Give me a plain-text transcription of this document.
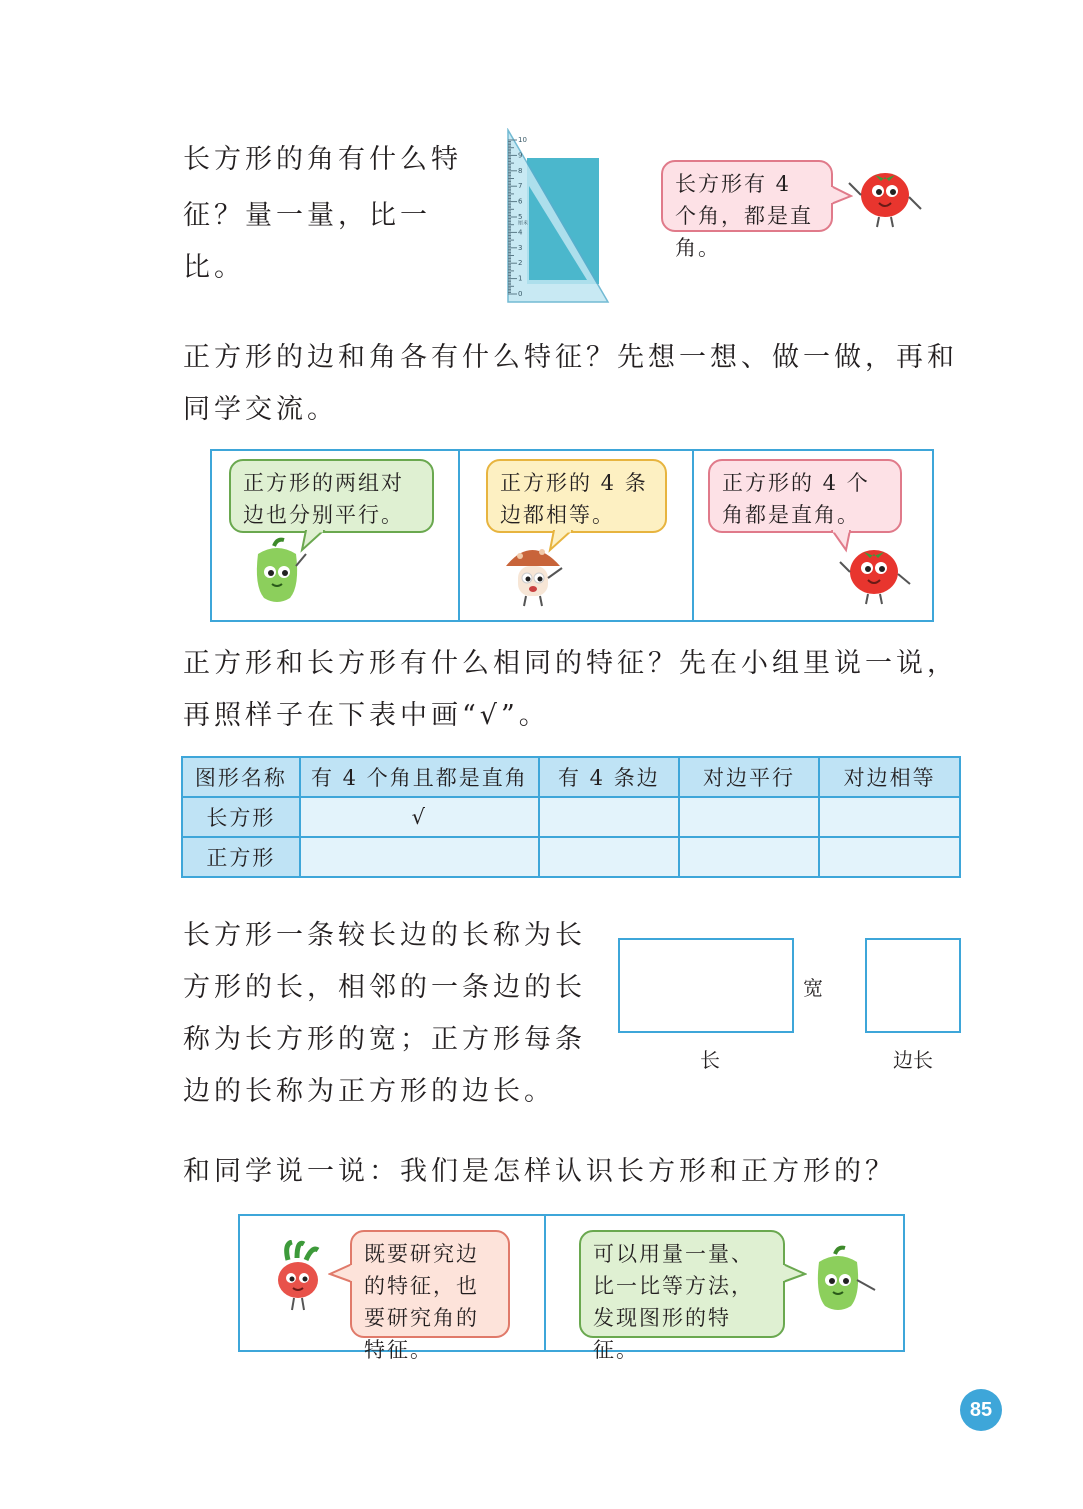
长方形的角有什么特
征？量一量，比一比。
0
1
2
3
4
5
6
7
8
9
10
厘米
长方形有 4 个角，都是直角。
正方形的边和角各有什么特征？先想一想、做一做，再和同学交流。
正方形的两组对边也分别平行。
正方形的 4 条边都相等。
正方形的 4 个角都是直角。
正方形和长方形有什么相同的特征？先在小组里说一说，再照样子在下表中画“√”。
图形名称	有 4 个角且都是直角	有 4 条边	对边平行	对边相等
长方形	√			
正方形				
长方形一条较长边的长称为长方形的长，相邻的一条边的长称为长方形的宽；正方形每条边的长称为正方形的边长。
宽
长	边长
和同学说一说：我们是怎样认识长方形和正方形的？
既要研究边的特征，也要研究角的特征。
可以用量一量、比一比等方法，发现图形的特征。
85
